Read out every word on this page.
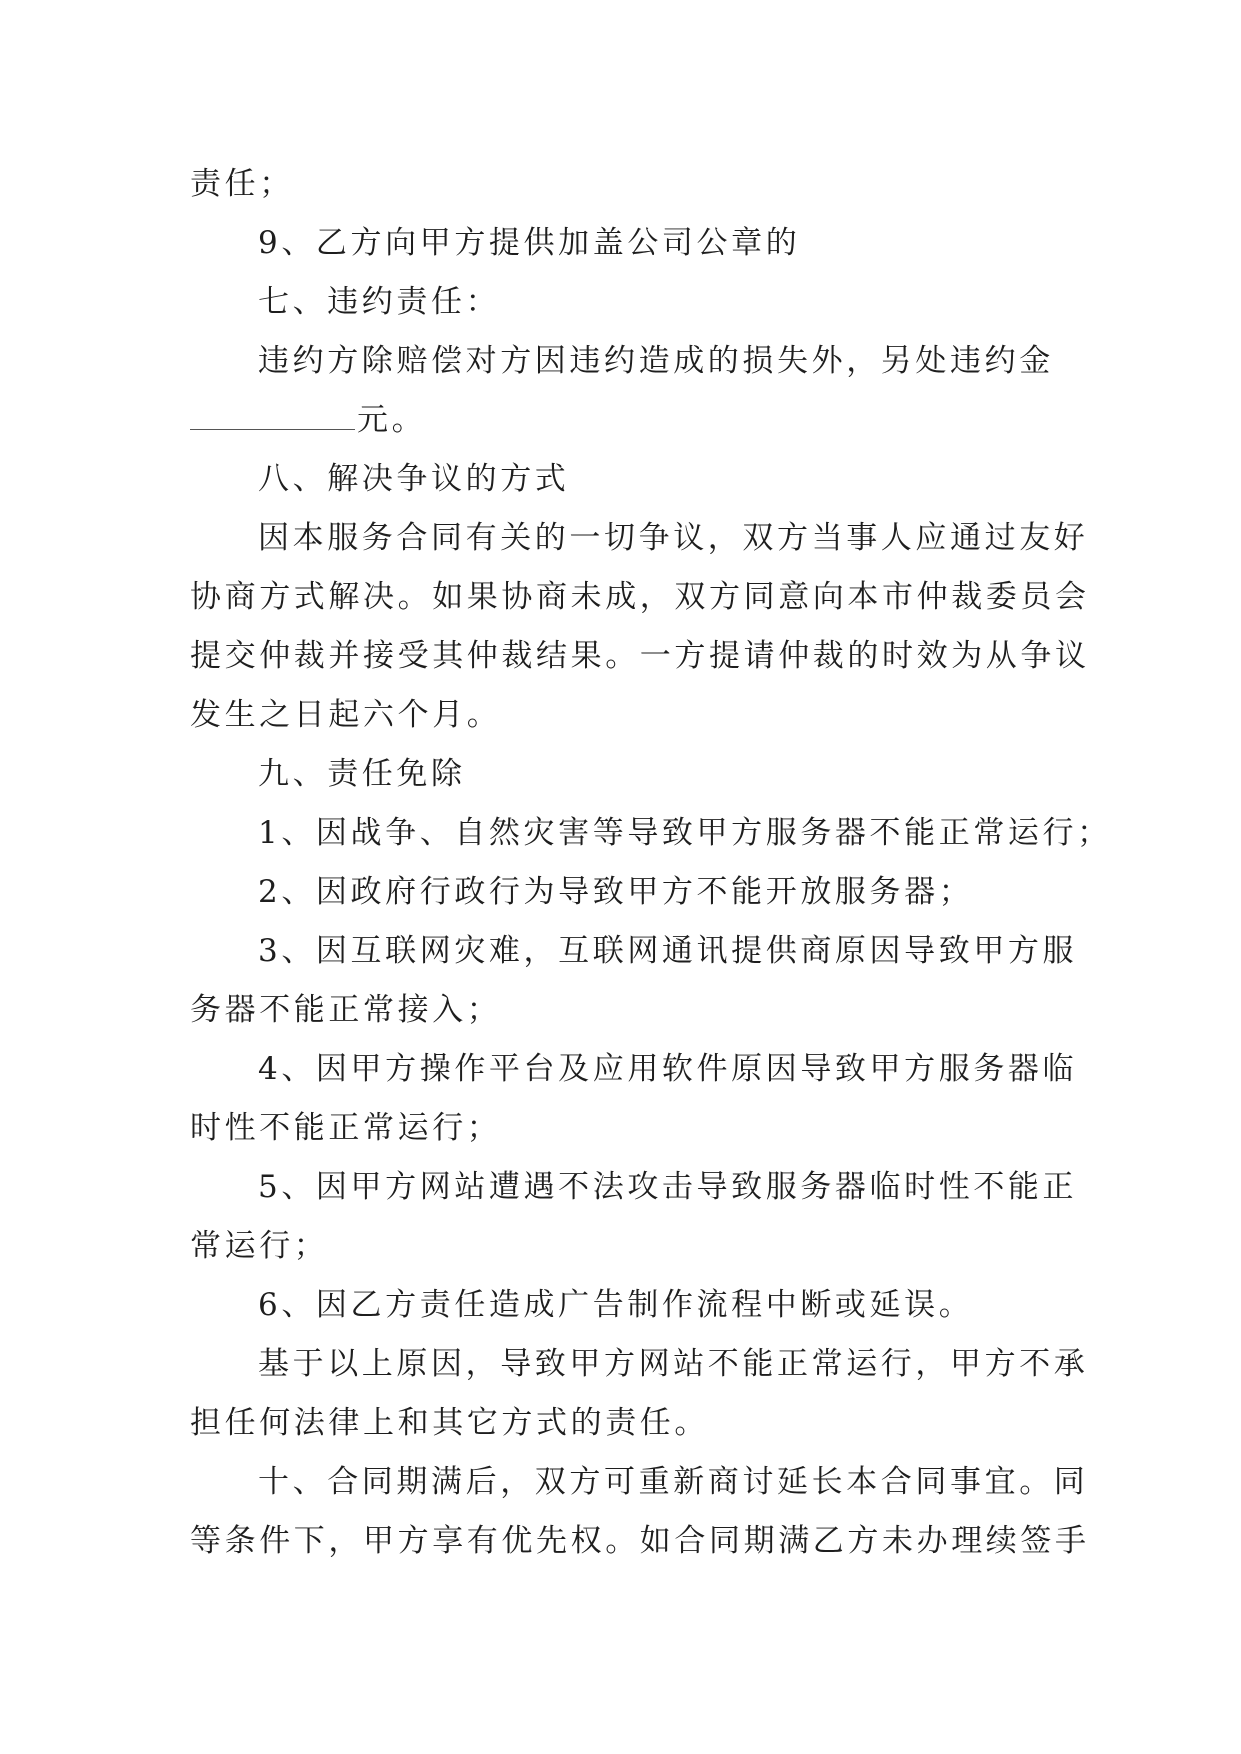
责任；
9、乙方向甲方提供加盖公司公章的
七、违约责任：
违约方除赔偿对方因违约造成的损失外，另处违约金
元。
八、解决争议的方式
因本服务合同有关的一切争议，双方当事人应通过友好
协商方式解决。如果协商未成，双方同意向本市仲裁委员会
提交仲裁并接受其仲裁结果。一方提请仲裁的时效为从争议
发生之日起六个月。
九、责任免除
1、因战争、自然灾害等导致甲方服务器不能正常运行；
2、因政府行政行为导致甲方不能开放服务器；
3、因互联网灾难，互联网通讯提供商原因导致甲方服
务器不能正常接入；
4、因甲方操作平台及应用软件原因导致甲方服务器临
时性不能正常运行；
5、因甲方网站遭遇不法攻击导致服务器临时性不能正
常运行；
6、因乙方责任造成广告制作流程中断或延误。
基于以上原因，导致甲方网站不能正常运行，甲方不承
担任何法律上和其它方式的责任。
十、合同期满后，双方可重新商讨延长本合同事宜。同
等条件下，甲方享有优先权。如合同期满乙方未办理续签手
